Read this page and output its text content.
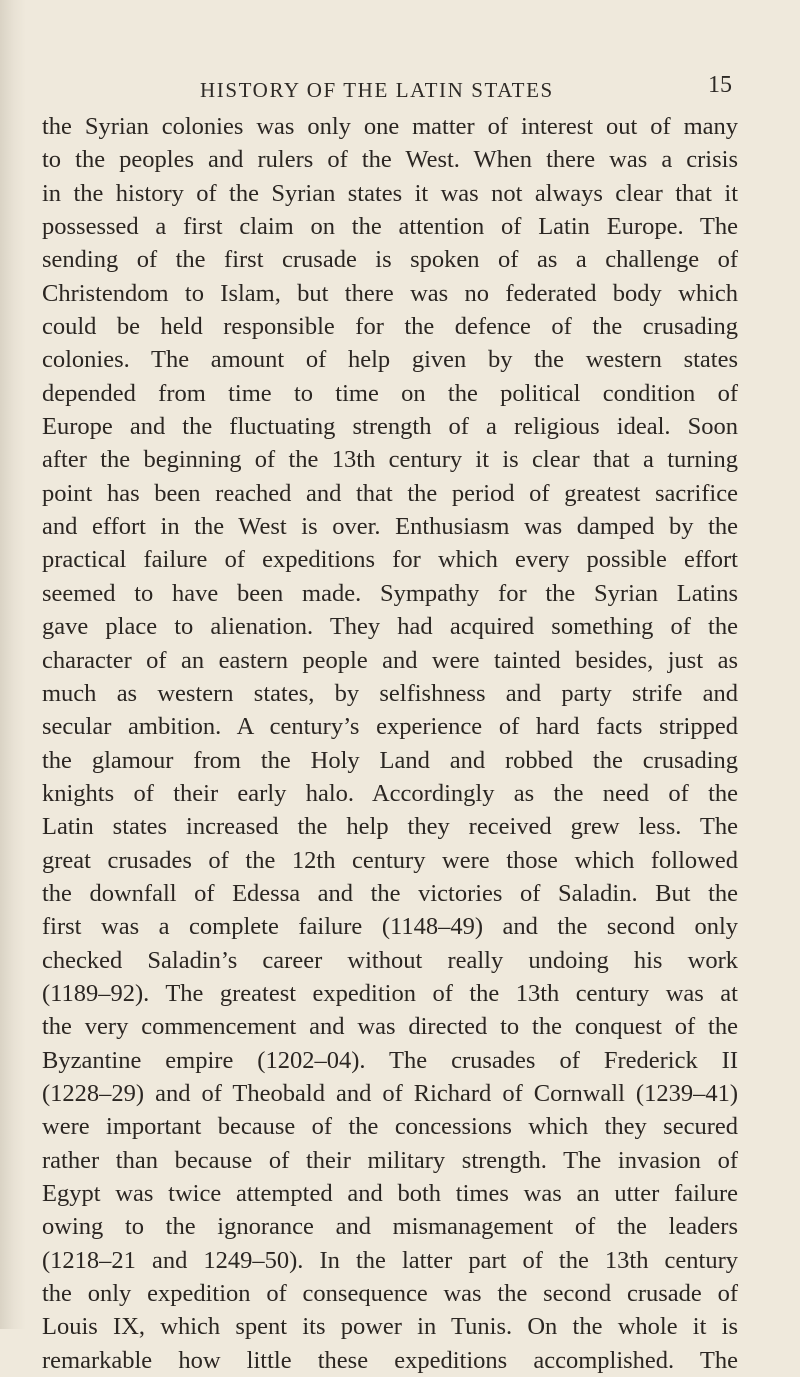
HISTORY OF THE LATIN STATES	15
the Syrian colonies was only one matter of interest out of many
to the peoples and rulers of the West. When there was a crisis
in the history of the Syrian states it was not always clear that it
possessed a first claim on the attention of Latin Europe. The
sending of the first crusade is spoken of as a challenge of
Christendom to Islam, but there was no federated body which
could be held responsible for the defence of the crusading
colonies. The amount of help given by the western states
depended from time to time on the political condition of
Europe and the fluctuating strength of a religious ideal. Soon
after the beginning of the 13th century it is clear that a turning
point has been reached and that the period of greatest sacrifice
and effort in the West is over. Enthusiasm was damped by the
practical failure of expeditions for which every possible effort
seemed to have been made. Sympathy for the Syrian Latins
gave place to alienation. They had acquired something of the
character of an eastern people and were tainted besides, just as
much as western states, by selfishness and party strife and
secular ambition. A century’s experience of hard facts stripped
the glamour from the Holy Land and robbed the crusading
knights of their early halo. Accordingly as the need of the
Latin states increased the help they received grew less. The
great crusades of the 12th century were those which followed
the downfall of Edessa and the victories of Saladin. But the
first was a complete failure (1148–49) and the second only
checked Saladin’s career without really undoing his work
(1189–92). The greatest expedition of the 13th century was at
the very commencement and was directed to the conquest of the
Byzantine empire (1202–04). The crusades of Frederick II
(1228–29) and of Theobald and of Richard of Cornwall (1239–41)
were important because of the concessions which they secured
rather than because of their military strength. The invasion of
Egypt was twice attempted and both times was an utter failure
owing to the ignorance and mismanagement of the leaders
(1218–21 and 1249–50). In the latter part of the 13th century
the only expedition of consequence was the second crusade of
Louis IX, which spent its power in Tunis. On the whole it is
remarkable how little these expeditions accomplished. The
